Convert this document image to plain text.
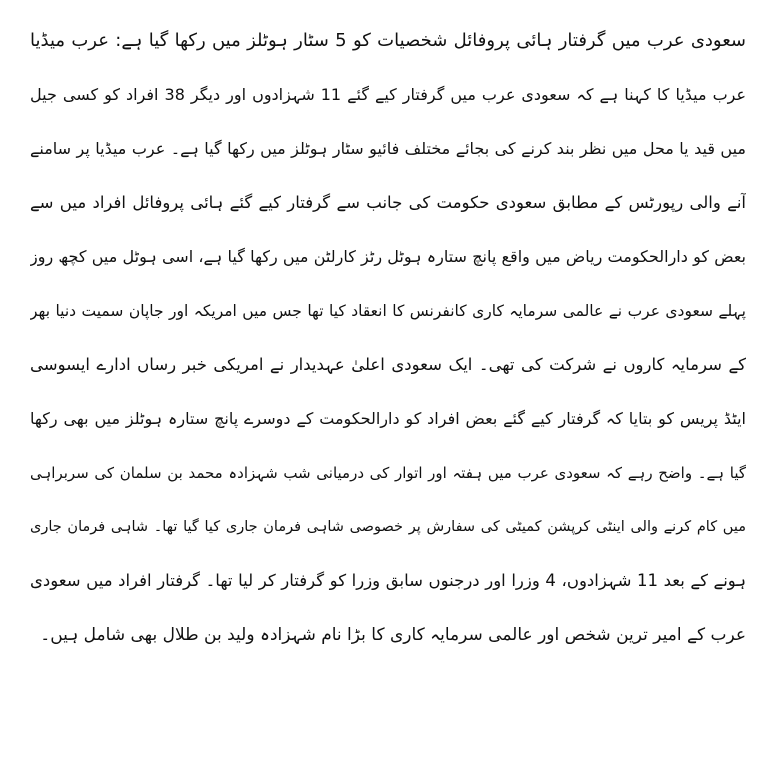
سعودی عرب میں گرفتار ہائی پروفائل شخصیات کو 5 سٹار ہوٹلز میں رکھا گیا ہے: عرب میڈیا
عرب میڈیا کا کہنا ہے کہ سعودی عرب میں گرفتار کیے گئے 11 شہزادوں اور دیگر 38 افراد کو کسی جیل
میں قید یا محل میں نظر بند کرنے کی بجائے مختلف فائیو سٹار ہوٹلز میں رکھا گیا ہے۔ عرب میڈیا پر سامنے
آنے والی رپورٹس کے مطابق سعودی حکومت کی جانب سے گرفتار کیے گئے ہائی پروفائل افراد میں سے
بعض کو دارالحکومت ریاض میں واقع پانچ ستارہ ہوٹل رٹز کارلٹن میں رکھا گیا ہے، اسی ہوٹل میں کچھ روز
پہلے سعودی عرب نے عالمی سرمایہ کاری کانفرنس کا انعقاد کیا تھا جس میں امریکہ اور جاپان سمیت دنیا بھر
کے سرمایہ کاروں نے شرکت کی تھی۔ ایک سعودی اعلیٰ عہدیدار نے امریکی خبر رساں ادارے ایسوسی
ایٹڈ پریس کو بتایا کہ گرفتار کیے گئے بعض افراد کو دارالحکومت کے دوسرے پانچ ستارہ ہوٹلز میں بھی رکھا
گیا ہے۔ واضح رہے کہ سعودی عرب میں ہفتہ اور اتوار کی درمیانی شب شہزادہ محمد بن سلمان کی سربراہی
میں کام کرنے والی اینٹی کرپشن کمیٹی کی سفارش پر خصوصی شاہی فرمان جاری کیا گیا تھا۔ شاہی فرمان جاری
ہونے کے بعد 11 شہزادوں، 4 وزرا اور درجنوں سابق وزرا کو گرفتار کر لیا تھا۔ گرفتار افراد میں سعودی
عرب کے امیر ترین شخص اور عالمی سرمایہ کاری کا بڑا نام شہزادہ ولید بن طلال بھی شامل ہیں۔
